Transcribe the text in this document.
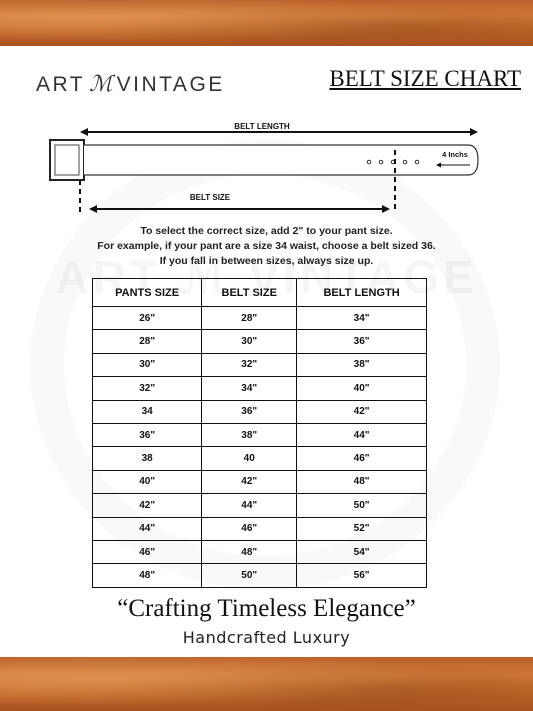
ART ℳ VINTAGE	BELT SIZE CHART
BELT LENGTH
4 Inchs
BELT SIZE
To select the correct size, add 2" to your pant size.
For example, if your pant are a size 34 waist, choose a belt sized 36.
If you fall in between sizes, always size up.
PANTS SIZE	BELT SIZE	BELT LENGTH
26"	28"	34"
28"	30"	36"
30"	32"	38"
32"	34"	40"
34	36"	42"
36"	38"	44"
38	40	46"
40"	42"	48"
42"	44"	50"
44"	46"	52"
46"	48"	54"
48"	50"	56"
“Crafting Timeless Elegance”
Handcrafted Luxury
